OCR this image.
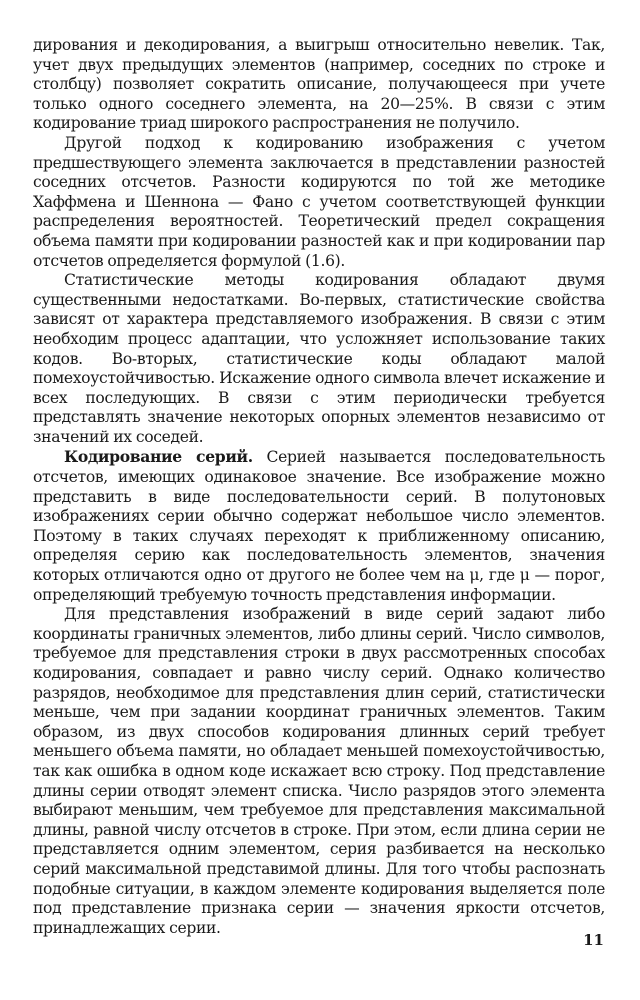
дирования и декодирования, а выигрыш относительно невелик. Так, учет двух предыдущих элементов (например, соседних по строке и столбцу) позволяет сократить описание, получающееся при учете только одного соседнего элемента, на 20—25%. В связи с этим кодирование триад широкого распространения не получило.

Другой подход к кодированию изображения с учетом предшествующего элемента заключается в представлении разностей соседних отсчетов. Разности кодируются по той же методике Хаффмена и Шеннона — Фано с учетом соответствующей функции распределения вероятностей. Теоретический предел сокращения объема памяти при кодировании разностей как и при кодировании пар отсчетов определяется формулой (1.6).

Статистические методы кодирования обладают двумя существенными недостатками. Во-первых, статистические свойства зависят от характера представляемого изображения. В связи с этим необходим процесс адаптации, что усложняет использование таких кодов. Во-вторых, статистические коды обладают малой помехоустойчивостью. Искажение одного символа влечет искажение и всех последующих. В связи с этим периодически требуется представлять значение некоторых опорных элементов независимо от значений их соседей.

Кодирование серий. Серией называется последовательность отсчетов, имеющих одинаковое значение. Все изображение можно представить в виде последовательности серий. В полутоновых изображениях серии обычно содержат небольшое число элементов. Поэтому в таких случаях переходят к приближенному описанию, определяя серию как последовательность элементов, значения которых отличаются одно от другого не более чем на μ, где μ — порог, определяющий требуемую точность представления информации.

Для представления изображений в виде серий задают либо координаты граничных элементов, либо длины серий. Число символов, требуемое для представления строки в двух рассмотренных способах кодирования, совпадает и равно числу серий. Однако количество разрядов, необходимое для представления длин серий, статистически меньше, чем при задании координат граничных элементов. Таким образом, из двух способов кодирования длинных серий требует меньшего объема памяти, но обладает меньшей помехоустойчивостью, так как ошибка в одном коде искажает всю строку. Под представление длины серии отводят элемент списка. Число разрядов этого элемента выбирают меньшим, чем требуемое для представления максимальной длины, равной числу отсчетов в строке. При этом, если длина серии не представляется одним элементом, серия разбивается на несколько серий максимальной представимой длины. Для того чтобы распознать подобные ситуации, в каждом элементе кодирования выделяется поле под представление признака серии — значения яркости отсчетов, принадлежащих серии.

11
